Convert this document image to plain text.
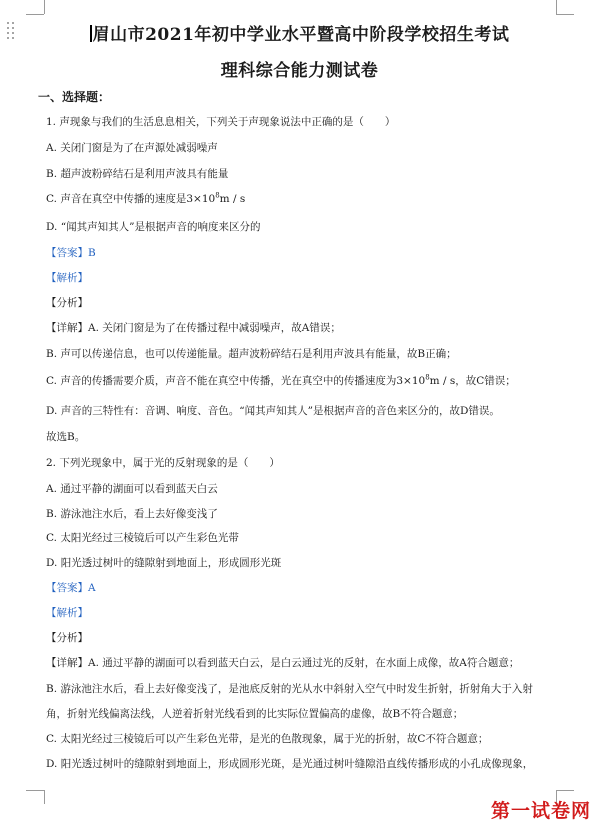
眉山市2021年初中学业水平暨高中阶段学校招生考试
理科综合能力测试卷
一、选择题：
1. 声现象与我们的生活息息相关，下列关于声现象说法中正确的是（　　）
A. 关闭门窗是为了在声源处减弱噪声
B. 超声波粉碎结石是利用声波具有能量
C. 声音在真空中传播的速度是$3\times 10^8m / s$
D. “闻其声知其人”是根据声音的响度来区分的
【答案】B
【解析】
【分析】
【详解】A. 关闭门窗是为了在传播过程中减弱噪声，故A错误；
B. 声可以传递信息，也可以传递能量。超声波粉碎结石是利用声波具有能量，故B正确；
C. 声音的传播需要介质，声音不能在真空中传播，光在真空中的传播速度为$3\times 10^8m / s$，故C错误；
D. 声音的三特性有：音调、响度、音色。“闻其声知其人”是根据声音的音色来区分的，故D错误。
故选B。
2. 下列光现象中，属于光的反射现象的是（　　）
A. 通过平静的湖面可以看到蓝天白云
B. 游泳池注水后，看上去好像变浅了
C. 太阳光经过三棱镜后可以产生彩色光带
D. 阳光透过树叶的缝隙射到地面上，形成圆形光斑
【答案】A
【解析】
【分析】
【详解】A. 通过平静的湖面可以看到蓝天白云，是白云通过光的反射，在水面上成像，故A符合题意；
B. 游泳池注水后，看上去好像变浅了，是池底反射的光从水中斜射入空气中时发生折射，折射角大于入射
角，折射光线偏离法线，人逆着折射光线看到的比实际位置偏高的虚像，故B不符合题意；
C. 太阳光经过三棱镜后可以产生彩色光带，是光的色散现象，属于光的折射，故C不符合题意；
D. 阳光透过树叶的缝隙射到地面上，形成圆形光斑，是光通过树叶缝隙沿直线传播形成的小孔成像现象，
第一试卷网
